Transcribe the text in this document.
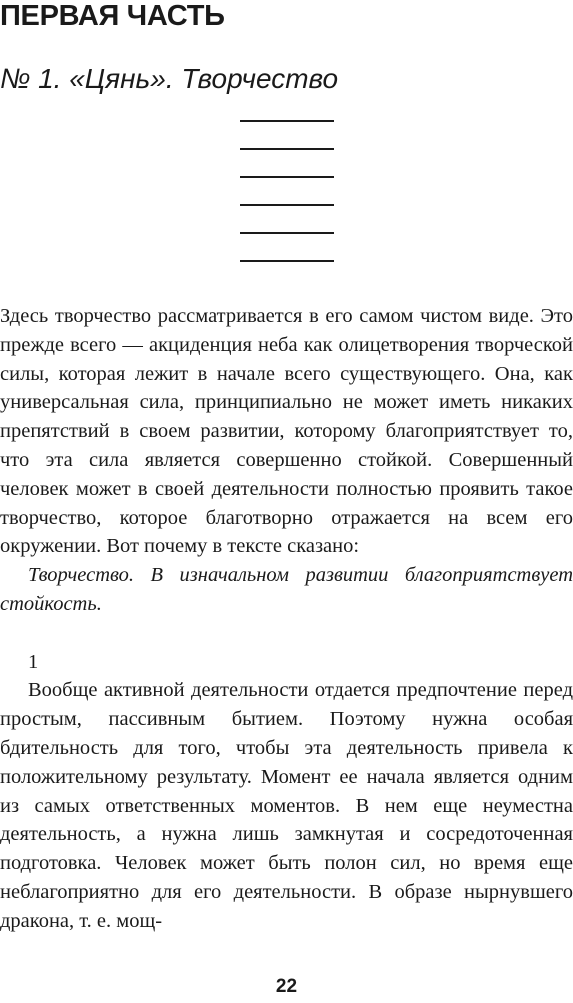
ПЕРВАЯ ЧАСТЬ
№ 1. «Цянь». Творчество

Здесь творчество рассматривается в его самом чистом виде. Это прежде всего — акциденция неба как олицетворения творческой силы, которая лежит в начале всего существующего. Она, как универсальная сила, принципиально не может иметь никаких препятствий в своем развитии, которому благоприятствует то, что эта сила является совершенно стойкой. Совершенный человек может в своей деятельности полностью проявить такое творчество, которое благотворно отражается на всем его окружении. Вот почему в тексте сказано:

Творчество. В изначальном развитии благоприятствует стойкость.

1

Вообще активной деятельности отдается предпочтение перед простым, пассивным бытием. Поэтому нужна особая бдительность для того, чтобы эта деятельность привела к положительному результату. Момент ее начала является одним из самых ответственных моментов. В нем еще неуместна деятельность, а нужна лишь замкнутая и сосредоточенная подготовка. Человек может быть полон сил, но время еще неблагоприятно для его деятельности. В образе нырнувшего дракона, т. е. мощ-

22
